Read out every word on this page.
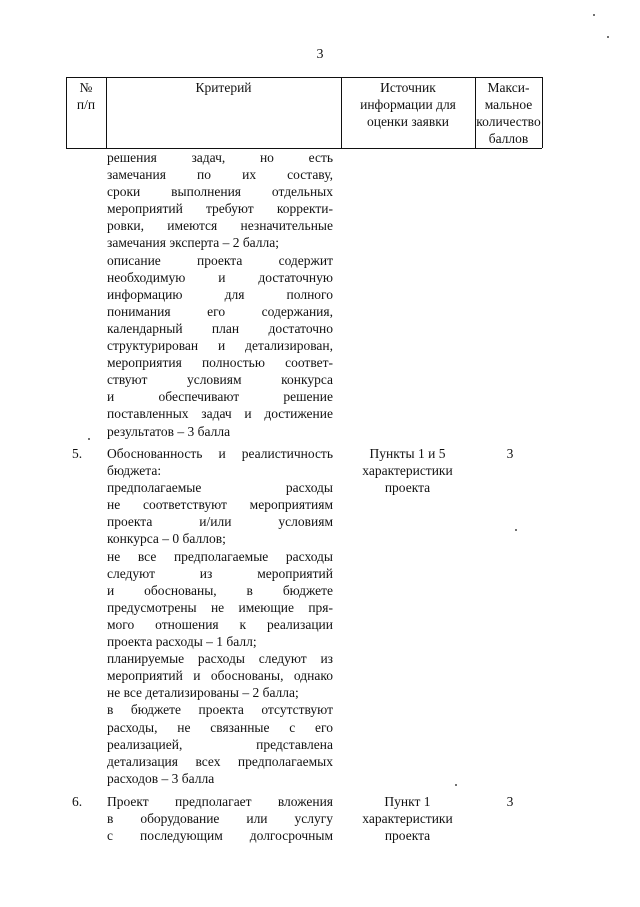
3
№
п/п
Критерий	Источник
информации для
оценки заявки
Макси-
мальное
количество
баллов
решения задач, но есть
замечания по их составу,
сроки выполнения отдельных
мероприятий требуют корректи-
ровки, имеются незначительные
замечания эксперта – 2 балла;
описание проекта содержит
необходимую и достаточную
информацию для полного
понимания его содержания,
календарный план достаточно
структурирован и детализирован,
мероприятия полностью соответ-
ствуют условиям конкурса
и обеспечивают решение
поставленных задач и достижение
результатов – 3 балла
5. Обоснованность и реалистичность
бюджета:
предполагаемые расходы
не соответствуют мероприятиям
проекта и/или условиям
конкурса – 0 баллов;
не все предполагаемые расходы
следуют из мероприятий
и обоснованы, в бюджете
предусмотрены не имеющие пря-
мого отношения к реализации
проекта расходы – 1 балл;
планируемые расходы следуют из
мероприятий и обоснованы, однако
не все детализированы – 2 балла;
в бюджете проекта отсутствуют
расходы, не связанные с его
реализацией, представлена
детализация всех предполагаемых
расходов – 3 балла
Пункты 1 и 5
характеристики
проекта
3
6. Проект предполагает вложения
в оборудование или услугу
с последующим долгосрочным
Пункт 1
характеристики
проекта
3
